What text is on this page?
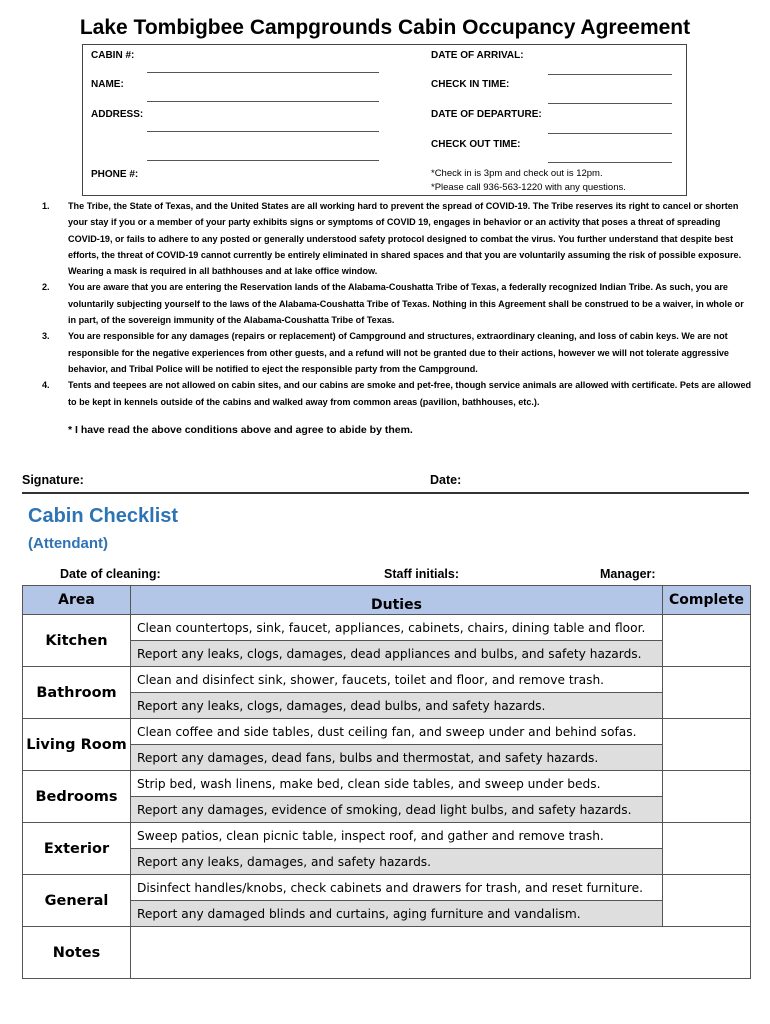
Lake Tombigbee Campgrounds Cabin Occupancy Agreement
CABIN #:
NAME:
ADDRESS:
PHONE #:
DATE OF ARRIVAL:
CHECK IN TIME:
DATE OF DEPARTURE:
CHECK OUT TIME:
*Check in is 3pm and check out is 12pm.
*Please call 936-563-1220 with any questions.
1.	The Tribe, the State of Texas, and the United States are all working hard to prevent the spread of COVID-19. The Tribe reserves its right to cancel or shorten your stay if you or a member of your party exhibits signs or symptoms of COVID 19, engages in behavior or an activity that poses a threat of spreading COVID-19, or fails to adhere to any posted or generally understood safety protocol designed to combat the virus. You further understand that despite best efforts, the threat of COVID-19 cannot currently be entirely eliminated in shared spaces and that you are voluntarily assuming the risk of possible exposure. Wearing a mask is required in all bathhouses and at lake office window.
2.	You are aware that you are entering the Reservation lands of the Alabama-Coushatta Tribe of Texas, a federally recognized Indian Tribe. As such, you are voluntarily subjecting yourself to the laws of the Alabama-Coushatta Tribe of Texas. Nothing in this Agreement shall be construed to be a waiver, in whole or in part, of the sovereign immunity of the Alabama-Coushatta Tribe of Texas.
3.	You are responsible for any damages (repairs or replacement) of Campground and structures, extraordinary cleaning, and loss of cabin keys. We are not responsible for the negative experiences from other guests, and a refund will not be granted due to their actions, however we will not tolerate aggressive behavior, and Tribal Police will be notified to eject the responsible party from the Campground.
4.	Tents and teepees are not allowed on cabin sites, and our cabins are smoke and pet-free, though service animals are allowed with certificate. Pets are allowed to be kept in kennels outside of the cabins and walked away from common areas (pavilion, bathhouses, etc.).
* I have read the above conditions above and agree to abide by them.
Signature:	Date:
Cabin Checklist
(Attendant)
Date of cleaning:	Staff initials:	Manager:
Area	Duties	Complete
Kitchen	Clean countertops, sink, faucet, appliances, cabinets, chairs, dining table and floor.	
	Report any leaks, clogs, damages, dead appliances and bulbs, and safety hazards.	
Bathroom	Clean and disinfect sink, shower, faucets, toilet and floor, and remove trash.	
	Report any leaks, clogs, damages, dead bulbs, and safety hazards.	
Living Room	Clean coffee and side tables, dust ceiling fan, and sweep under and behind sofas.	
	Report any damages, dead fans, bulbs and thermostat, and safety hazards.	
Bedrooms	Strip bed, wash linens, make bed, clean side tables, and sweep under beds.	
	Report any damages, evidence of smoking, dead light bulbs, and safety hazards.	
Exterior	Sweep patios, clean picnic table, inspect roof, and gather and remove trash.	
	Report any leaks, damages, and safety hazards.	
General	Disinfect handles/knobs, check cabinets and drawers for trash, and reset furniture.	
	Report any damaged blinds and curtains, aging furniture and vandalism.	
Notes		
